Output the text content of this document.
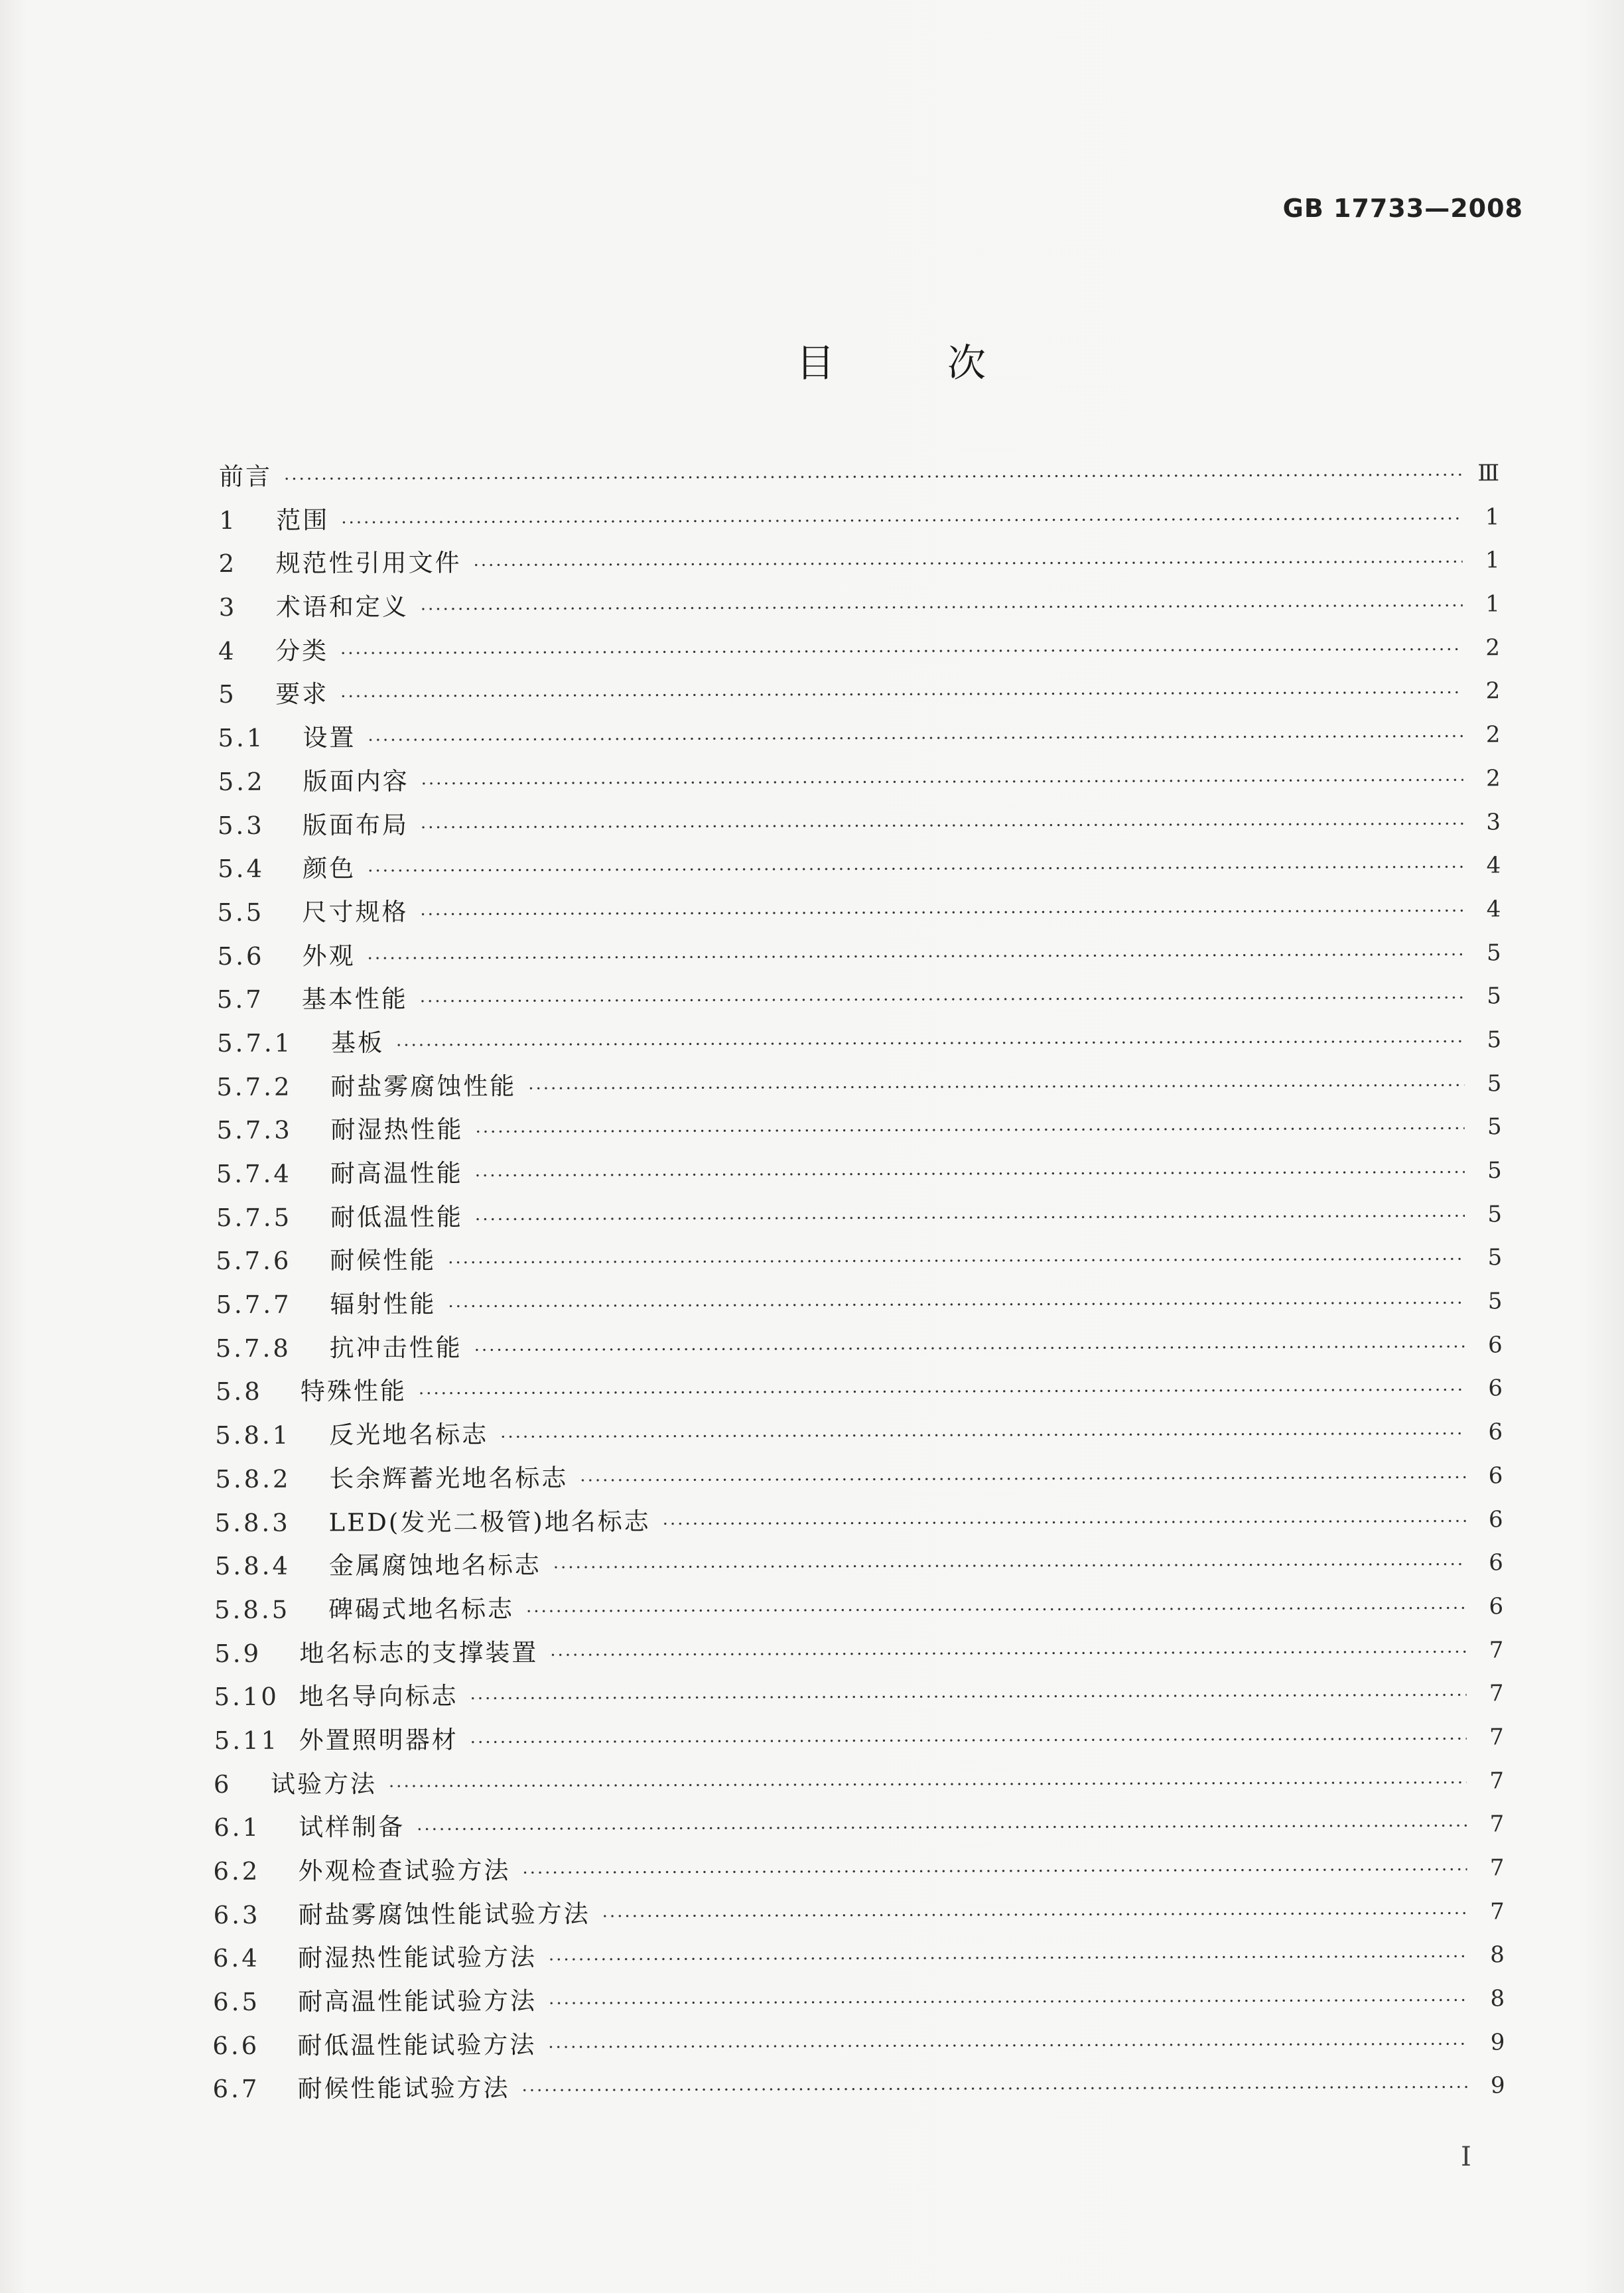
GB 17733—2008
目次
前言 ·····	Ⅲ
1	范围 ·····	1
2	规范性引用文件 ·····	1
3	术语和定义 ·····	1
4	分类 ·····	2
5	要求 ·····	2
5.1	设置 ·····	2
5.2	版面内容 ·····	2
5.3	版面布局 ·····	3
5.4	颜色 ·····	4
5.5	尺寸规格 ·····	4
5.6	外观 ·····	5
5.7	基本性能 ·····	5
5.7.1	基板 ·····	5
5.7.2	耐盐雾腐蚀性能 ·····	5
5.7.3	耐湿热性能 ·····	5
5.7.4	耐高温性能 ·····	5
5.7.5	耐低温性能 ·····	5
5.7.6	耐候性能 ·····	5
5.7.7	辐射性能 ·····	5
5.7.8	抗冲击性能 ·····	6
5.8	特殊性能 ·····	6
5.8.1	反光地名标志 ·····	6
5.8.2	长余辉蓄光地名标志 ·····	6
5.8.3	LED(发光二极管)地名标志 ·····	6
5.8.4	金属腐蚀地名标志 ·····	6
5.8.5	碑碣式地名标志 ·····	6
5.9	地名标志的支撑装置 ·····	7
5.10 地名导向标志 ·····	7
5.11 外置照明器材 ·····	7
6	试验方法 ·····	7
6.1	试样制备 ·····	7
6.2	外观检查试验方法 ·····	7
6.3	耐盐雾腐蚀性能试验方法 ·····	7
6.4	耐湿热性能试验方法 ·····	8
6.5	耐高温性能试验方法 ·····	8
6.6	耐低温性能试验方法 ·····	9
6.7	耐候性能试验方法 ·····	9
Ⅰ
